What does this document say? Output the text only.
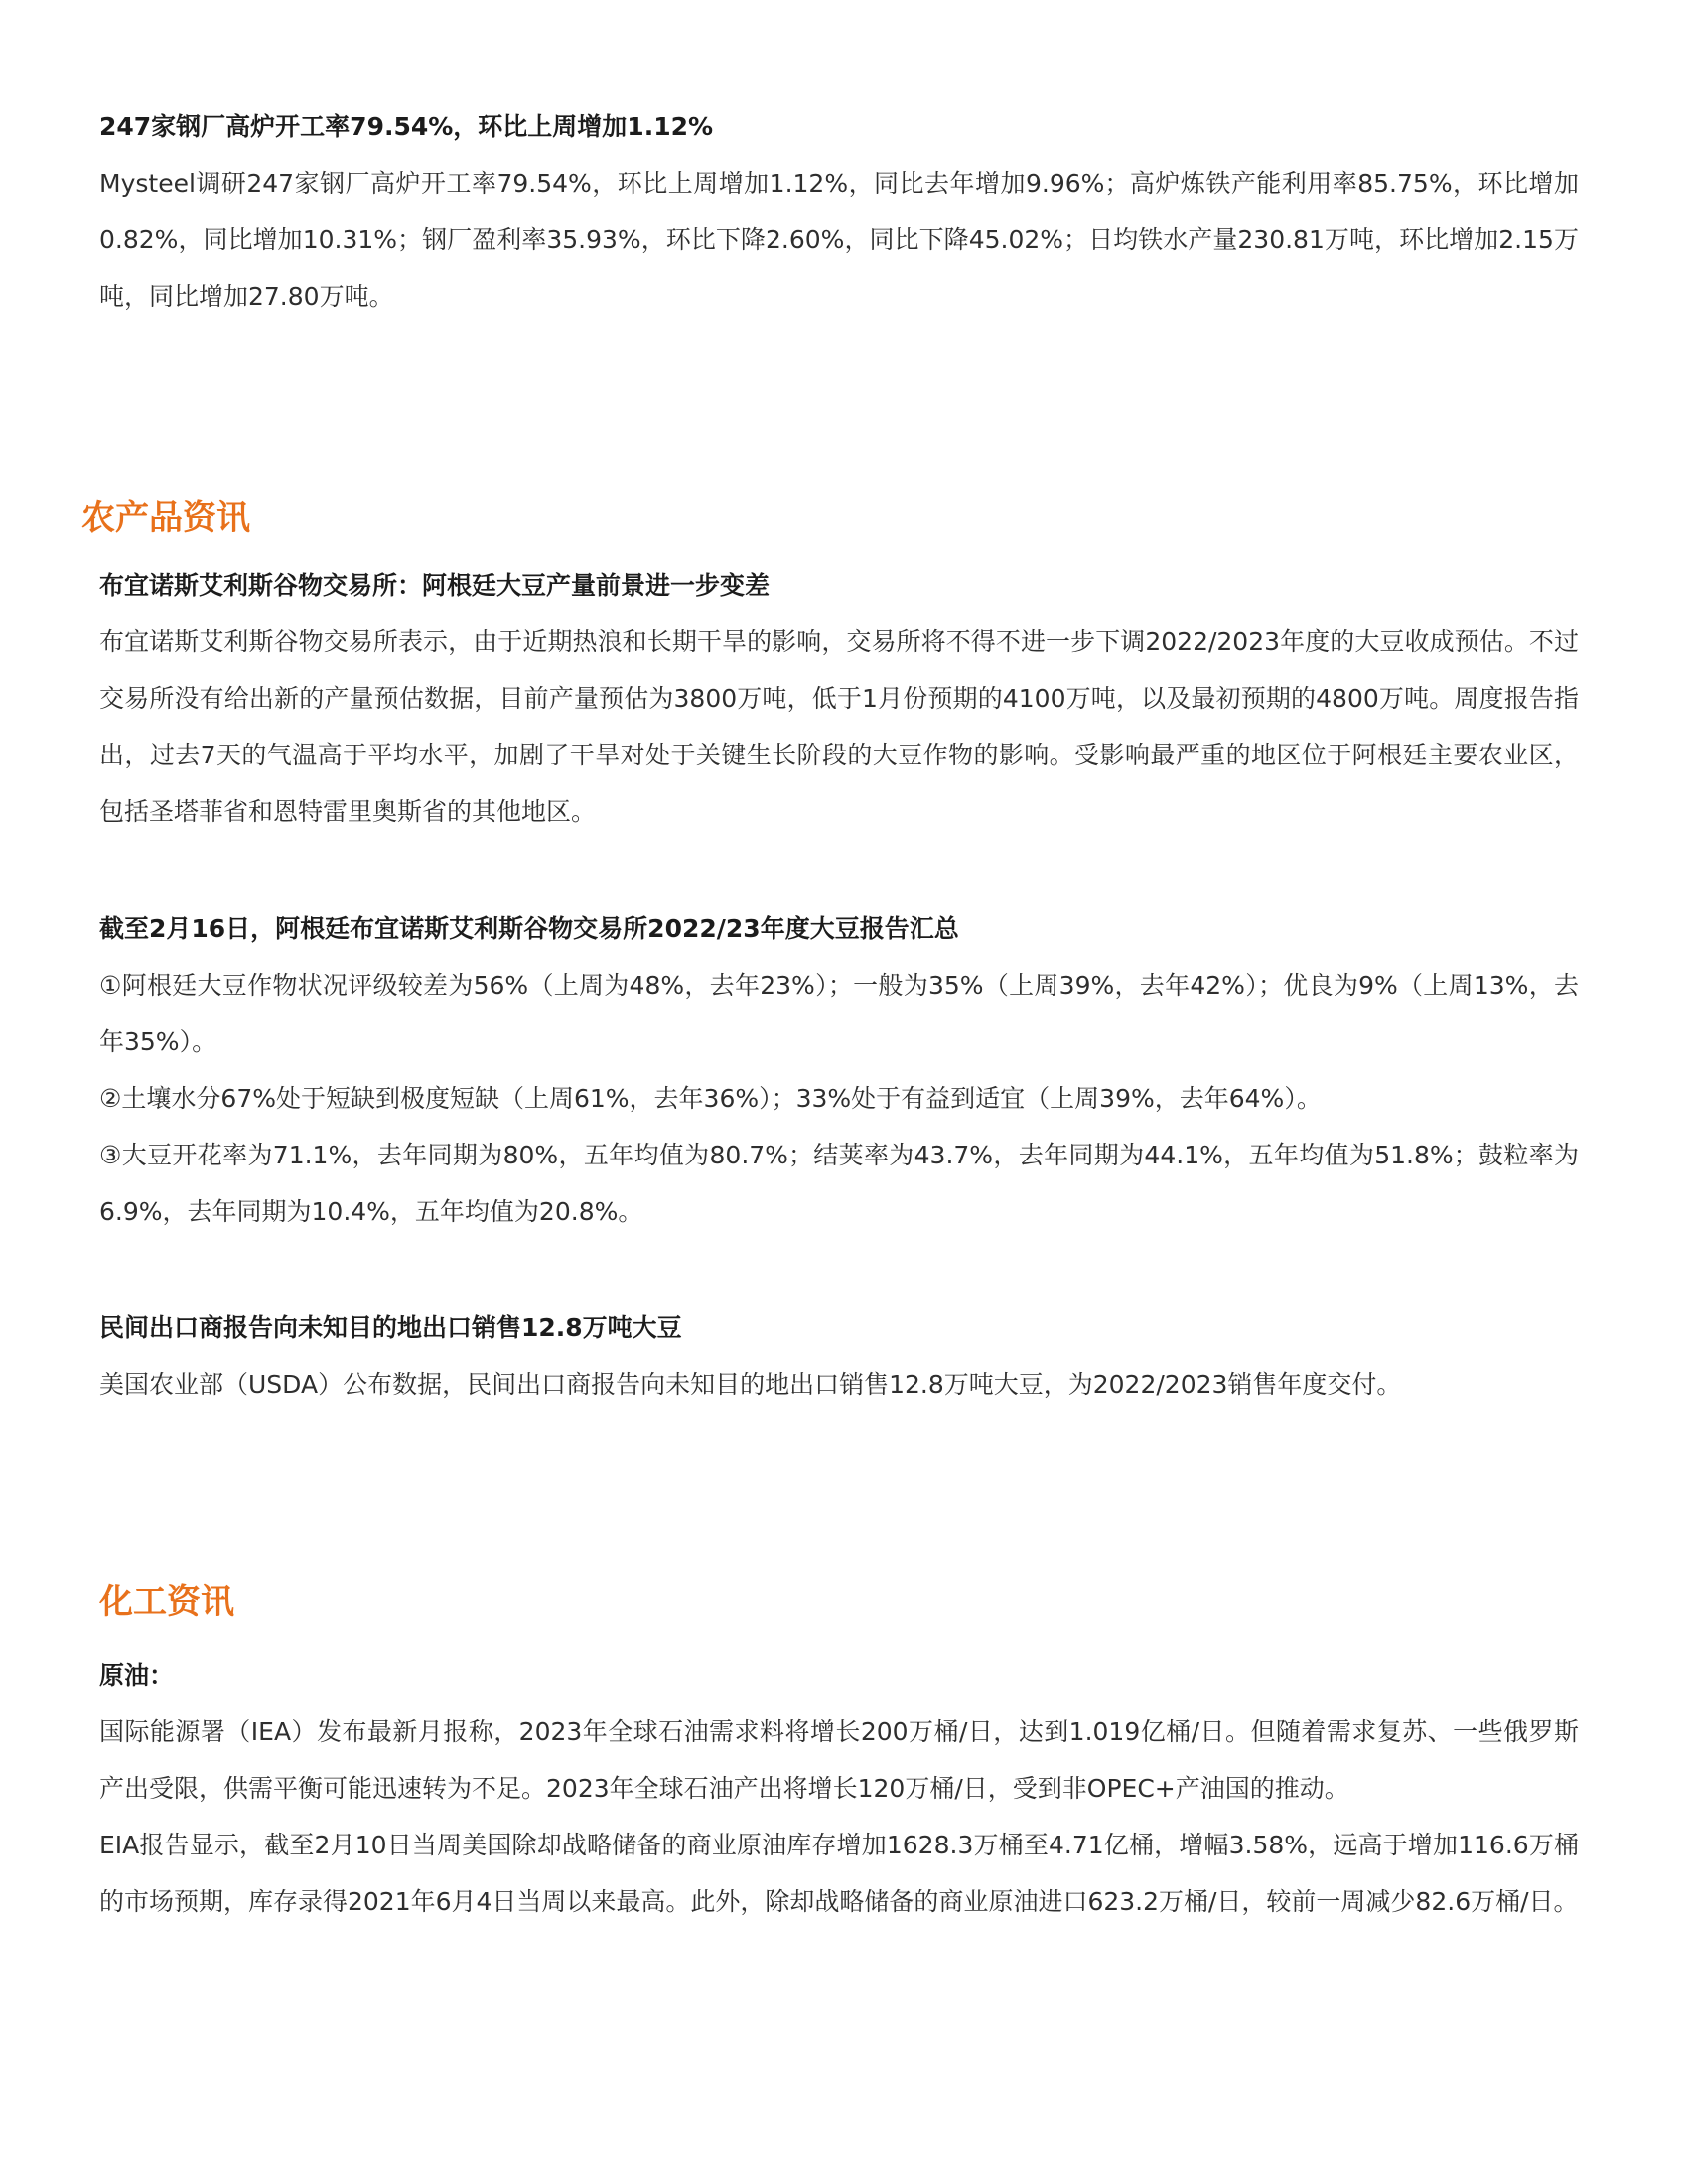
247家钢厂高炉开工率79.54%，环比上周增加1.12%

Mysteel调研247家钢厂高炉开工率79.54%，环比上周增加1.12%，同比去年增加9.96%；高炉炼铁产能利用率85.75%，环比增加0.82%，同比增加10.31%；钢厂盈利率35.93%，环比下降2.60%，同比下降45.02%；日均铁水产量230.81万吨，环比增加2.15万吨，同比增加27.80万吨。

农产品资讯

布宜诺斯艾利斯谷物交易所：阿根廷大豆产量前景进一步变差

布宜诺斯艾利斯谷物交易所表示，由于近期热浪和长期干旱的影响，交易所将不得不进一步下调2022/2023年度的大豆收成预估。不过交易所没有给出新的产量预估数据，目前产量预估为3800万吨，低于1月份预期的4100万吨，以及最初预期的4800万吨。周度报告指出，过去7天的气温高于平均水平，加剧了干旱对处于关键生长阶段的大豆作物的影响。受影响最严重的地区位于阿根廷主要农业区，包括圣塔菲省和恩特雷里奥斯省的其他地区。

截至2月16日，阿根廷布宜诺斯艾利斯谷物交易所2022/23年度大豆报告汇总

①阿根廷大豆作物状况评级较差为56%（上周为48%，去年23%）；一般为35%（上周39%，去年42%）；优良为9%（上周13%，去年35%）。

②土壤水分67%处于短缺到极度短缺（上周61%，去年36%）；33%处于有益到适宜（上周39%，去年64%）。

③大豆开花率为71.1%，去年同期为80%，五年均值为80.7%；结荚率为43.7%，去年同期为44.1%，五年均值为51.8%；鼓粒率为6.9%，去年同期为10.4%，五年均值为20.8%。

民间出口商报告向未知目的地出口销售12.8万吨大豆

美国农业部（USDA）公布数据，民间出口商报告向未知目的地出口销售12.8万吨大豆，为2022/2023销售年度交付。

化工资讯

原油：

国际能源署（IEA）发布最新月报称，2023年全球石油需求料将增长200万桶/日，达到1.019亿桶/日。但随着需求复苏、一些俄罗斯产出受限，供需平衡可能迅速转为不足。2023年全球石油产出将增长120万桶/日，受到非OPEC+产油国的推动。

EIA报告显示，截至2月10日当周美国除却战略储备的商业原油库存增加1628.3万桶至4.71亿桶，增幅3.58%，远高于增加116.6万桶的市场预期，库存录得2021年6月4日当周以来最高。此外，除却战略储备的商业原油进口623.2万桶/日，较前一周减少82.6万桶/日。
